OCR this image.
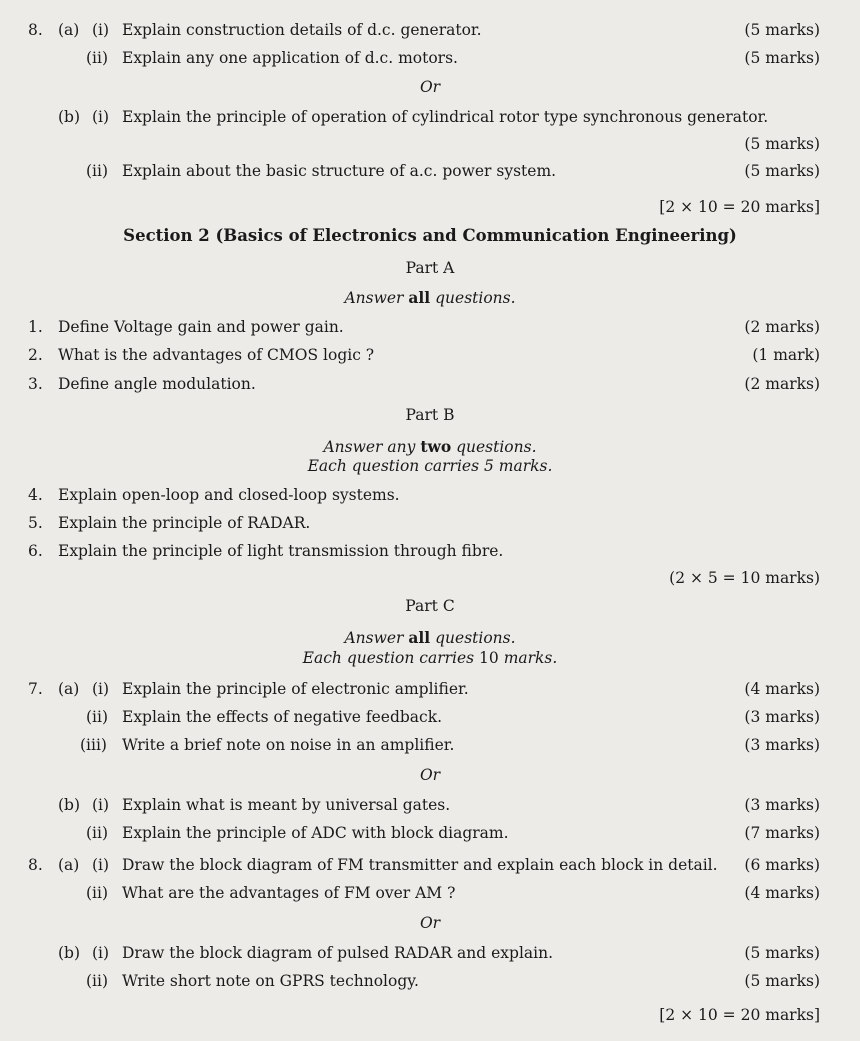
8. (a) (i) Explain construction details of d.c. generator.	(5 marks)
(ii) Explain any one application of d.c. motors.	(5 marks)
Or
(b) (i) Explain the principle of operation of cylindrical rotor type synchronous generator.
(5 marks)
(ii) Explain about the basic structure of a.c. power system.	(5 marks)
[2 × 10 = 20 marks]
Section 2 (Basics of Electronics and Communication Engineering)
Part A
Answer all questions.
1. Define Voltage gain and power gain.	(2 marks)
2. What is the advantages of CMOS logic ?	(1 mark)
3. Define angle modulation.	(2 marks)
Part B
Answer any two questions.
Each question carries 5 marks.
4. Explain open-loop and closed-loop systems.
5. Explain the principle of RADAR.
6. Explain the principle of light transmission through fibre.
(2 × 5 = 10 marks)
Part C
Answer all questions.
Each question carries 10 marks.
7. (a) (i) Explain the principle of electronic amplifier.	(4 marks)
(ii) Explain the effects of negative feedback.	(3 marks)
(iii) Write a brief note on noise in an amplifier.	(3 marks)
Or
(b) (i) Explain what is meant by universal gates.	(3 marks)
(ii) Explain the principle of ADC with block diagram.	(7 marks)
8. (a) (i) Draw the block diagram of FM transmitter and explain each block in detail. (6 marks)
(ii) What are the advantages of FM over AM ?	(4 marks)
Or
(b) (i) Draw the block diagram of pulsed RADAR and explain.	(5 marks)
(ii) Write short note on GPRS technology.	(5 marks)
[2 × 10 = 20 marks]
